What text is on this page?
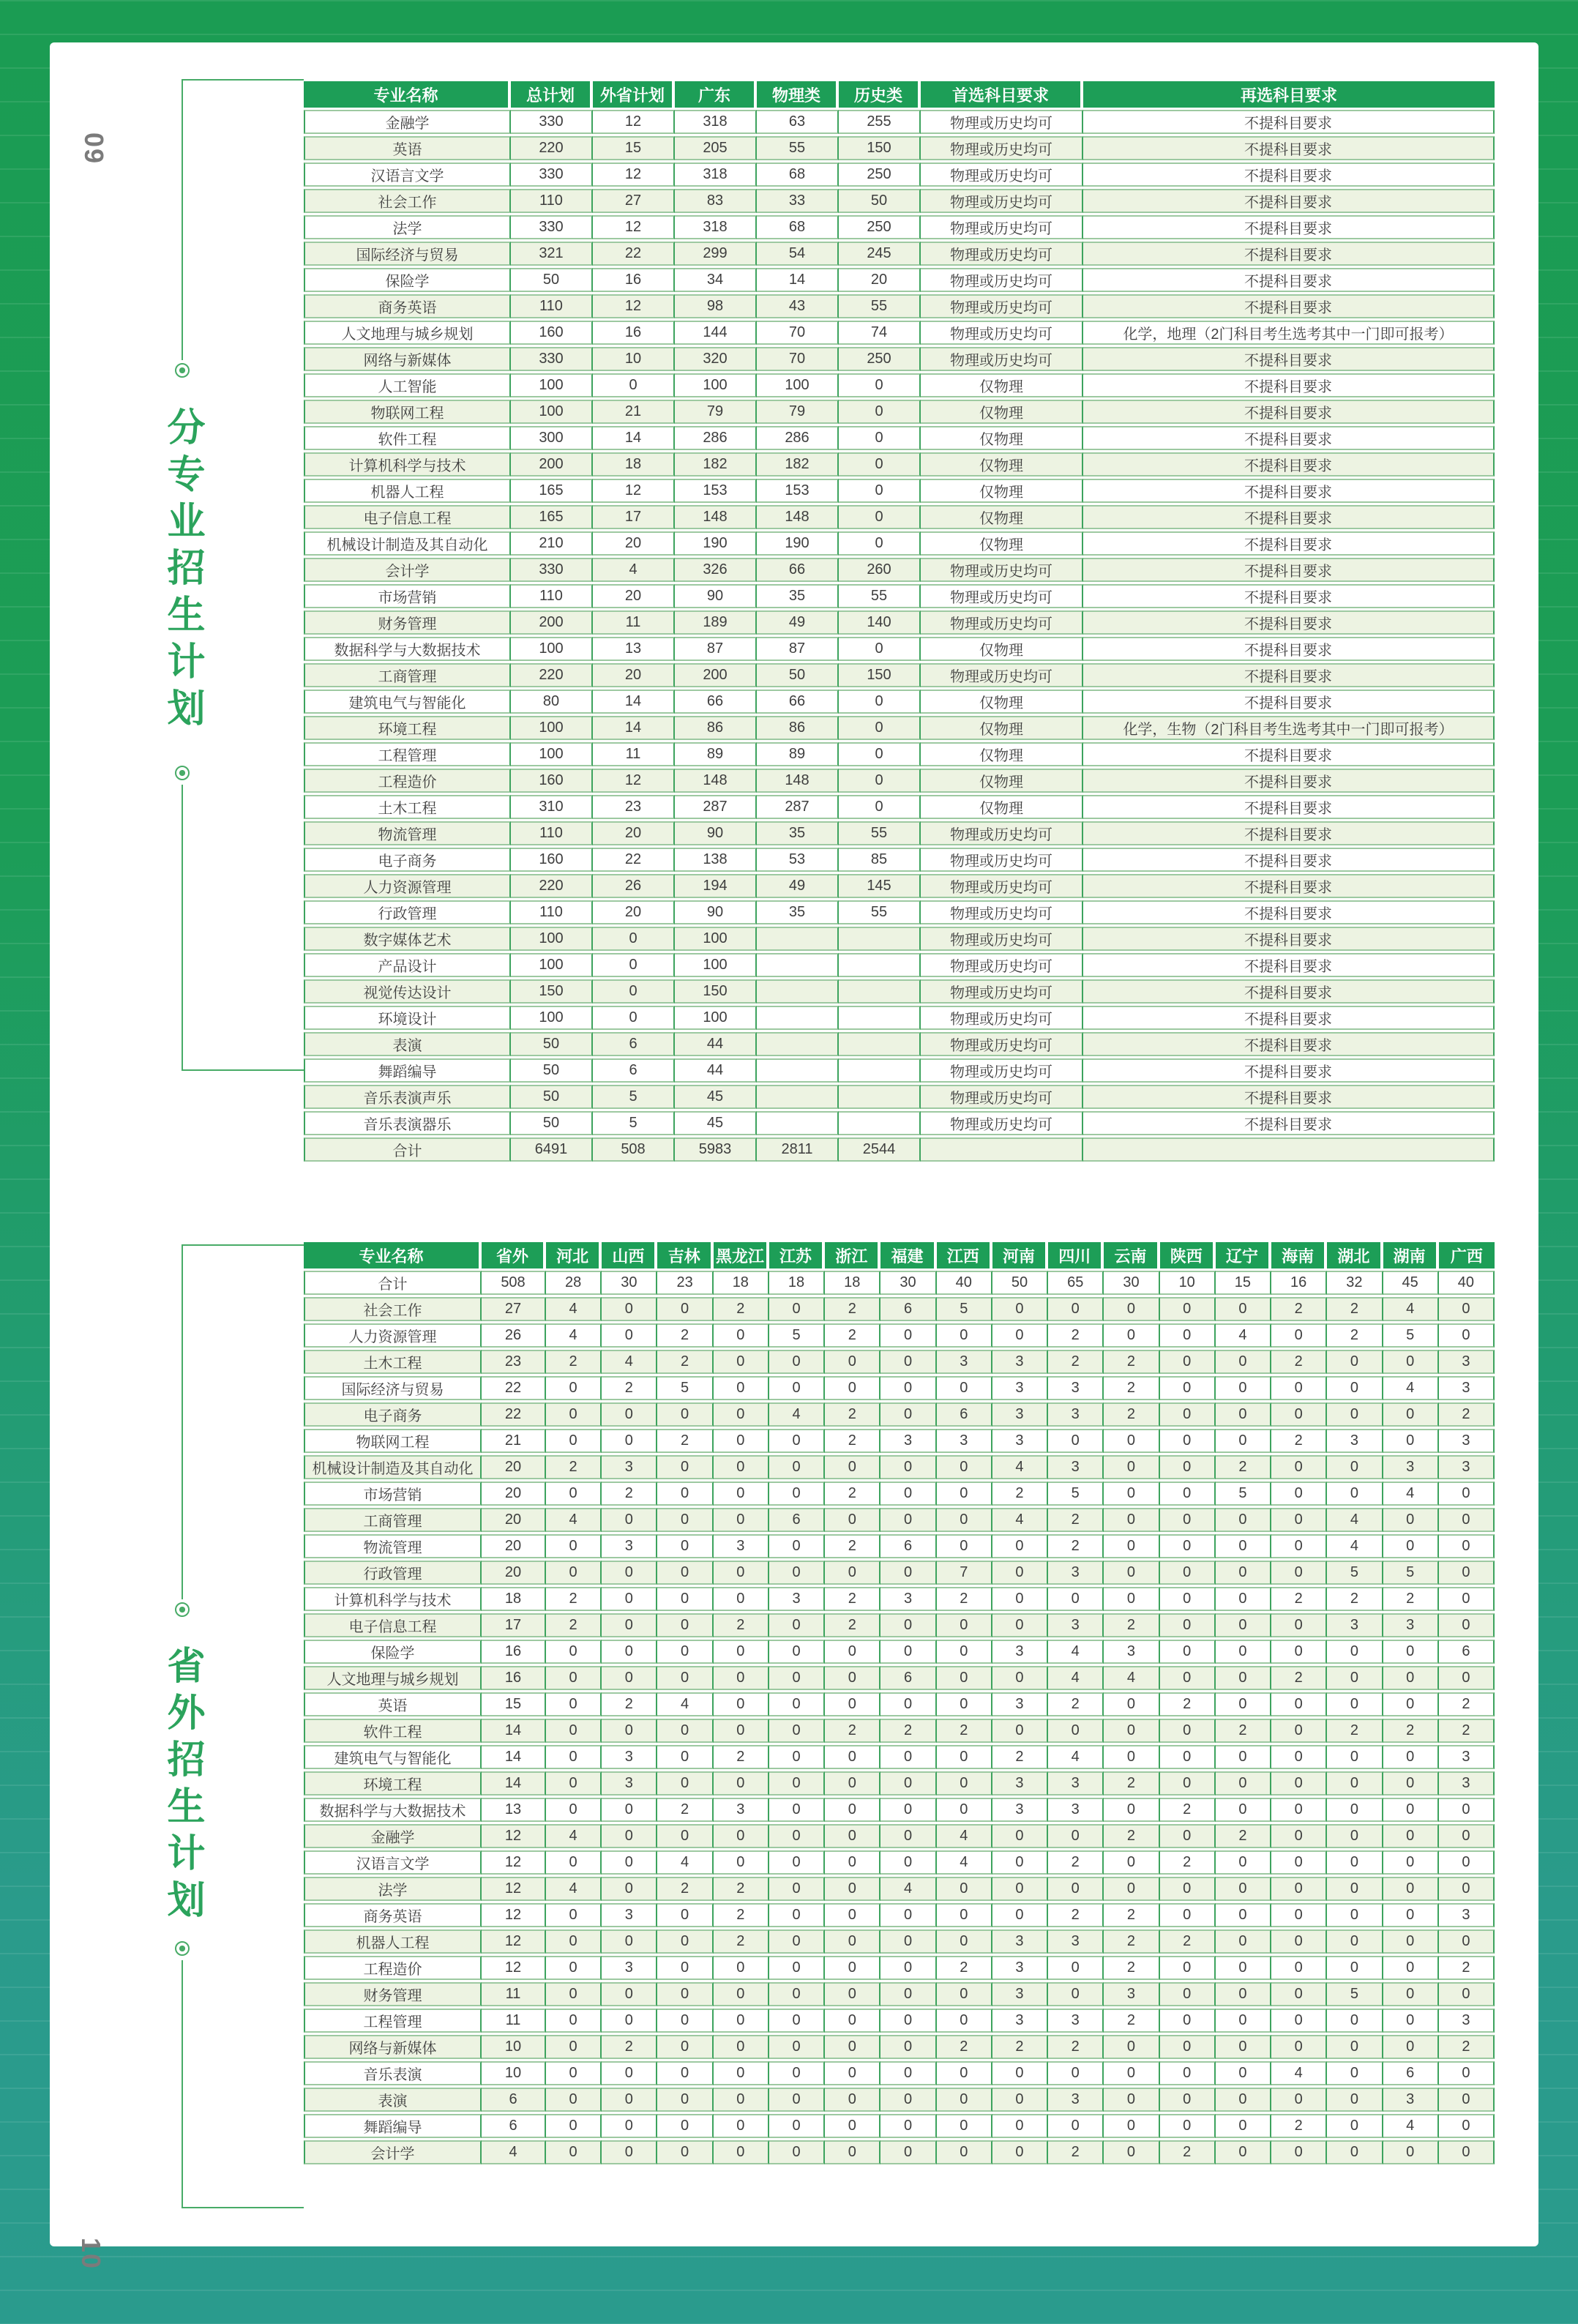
09
10
分专业招生计划
省外招生计划
专业名称	总计划	外省计划	广东	物理类	历史类	首选科目要求	再选科目要求
金融学	330	12	318	63	255	物理或历史均可	不提科目要求
英语	220	15	205	55	150	物理或历史均可	不提科目要求
汉语言文学	330	12	318	68	250	物理或历史均可	不提科目要求
社会工作	110	27	83	33	50	物理或历史均可	不提科目要求
法学	330	12	318	68	250	物理或历史均可	不提科目要求
国际经济与贸易	321	22	299	54	245	物理或历史均可	不提科目要求
保险学	50	16	34	14	20	物理或历史均可	不提科目要求
商务英语	110	12	98	43	55	物理或历史均可	不提科目要求
人文地理与城乡规划	160	16	144	70	74	物理或历史均可	化学，地理（2门科目考生选考其中一门即可报考）
网络与新媒体	330	10	320	70	250	物理或历史均可	不提科目要求
人工智能	100	0	100	100	0	仅物理	不提科目要求
物联网工程	100	21	79	79	0	仅物理	不提科目要求
软件工程	300	14	286	286	0	仅物理	不提科目要求
计算机科学与技术	200	18	182	182	0	仅物理	不提科目要求
机器人工程	165	12	153	153	0	仅物理	不提科目要求
电子信息工程	165	17	148	148	0	仅物理	不提科目要求
机械设计制造及其自动化	210	20	190	190	0	仅物理	不提科目要求
会计学	330	4	326	66	260	物理或历史均可	不提科目要求
市场营销	110	20	90	35	55	物理或历史均可	不提科目要求
财务管理	200	11	189	49	140	物理或历史均可	不提科目要求
数据科学与大数据技术	100	13	87	87	0	仅物理	不提科目要求
工商管理	220	20	200	50	150	物理或历史均可	不提科目要求
建筑电气与智能化	80	14	66	66	0	仅物理	不提科目要求
环境工程	100	14	86	86	0	仅物理	化学，生物（2门科目考生选考其中一门即可报考）
工程管理	100	11	89	89	0	仅物理	不提科目要求
工程造价	160	12	148	148	0	仅物理	不提科目要求
土木工程	310	23	287	287	0	仅物理	不提科目要求
物流管理	110	20	90	35	55	物理或历史均可	不提科目要求
电子商务	160	22	138	53	85	物理或历史均可	不提科目要求
人力资源管理	220	26	194	49	145	物理或历史均可	不提科目要求
行政管理	110	20	90	35	55	物理或历史均可	不提科目要求
数字媒体艺术	100	0	100			物理或历史均可	不提科目要求
产品设计	100	0	100			物理或历史均可	不提科目要求
视觉传达设计	150	0	150			物理或历史均可	不提科目要求
环境设计	100	0	100			物理或历史均可	不提科目要求
表演	50	6	44			物理或历史均可	不提科目要求
舞蹈编导	50	6	44			物理或历史均可	不提科目要求
音乐表演声乐	50	5	45			物理或历史均可	不提科目要求
音乐表演器乐	50	5	45			物理或历史均可	不提科目要求
合计	6491	508	5983	2811	2544		
专业名称	省外	河北	山西	吉林	黑龙江	江苏	浙江	福建	江西	河南	四川	云南	陕西	辽宁	海南	湖北	湖南	广西
合计	508	28	30	23	18	18	18	30	40	50	65	30	10	15	16	32	45	40
社会工作	27	4	0	0	2	0	2	6	5	0	0	0	0	0	2	2	4	0
人力资源管理	26	4	0	2	0	5	2	0	0	0	2	0	0	4	0	2	5	0
土木工程	23	2	4	2	0	0	0	0	3	3	2	2	0	0	2	0	0	3
国际经济与贸易	22	0	2	5	0	0	0	0	0	3	3	2	0	0	0	0	4	3
电子商务	22	0	0	0	0	4	2	0	6	3	3	2	0	0	0	0	0	2
物联网工程	21	0	0	2	0	0	2	3	3	3	0	0	0	0	2	3	0	3
机械设计制造及其自动化	20	2	3	0	0	0	0	0	0	4	3	0	0	2	0	0	3	3
市场营销	20	0	2	0	0	0	2	0	0	2	5	0	0	5	0	0	4	0
工商管理	20	4	0	0	0	6	0	0	0	4	2	0	0	0	0	4	0	0
物流管理	20	0	3	0	3	0	2	6	0	0	2	0	0	0	0	4	0	0
行政管理	20	0	0	0	0	0	0	0	7	0	3	0	0	0	0	5	5	0
计算机科学与技术	18	2	0	0	0	3	2	3	2	0	0	0	0	0	2	2	2	0
电子信息工程	17	2	0	0	2	0	2	0	0	0	3	2	0	0	0	3	3	0
保险学	16	0	0	0	0	0	0	0	0	3	4	3	0	0	0	0	0	6
人文地理与城乡规划	16	0	0	0	0	0	0	6	0	0	4	4	0	0	2	0	0	0
英语	15	0	2	4	0	0	0	0	0	3	2	0	2	0	0	0	0	2
软件工程	14	0	0	0	0	0	2	2	2	0	0	0	0	2	0	2	2	2
建筑电气与智能化	14	0	3	0	2	0	0	0	0	2	4	0	0	0	0	0	0	3
环境工程	14	0	3	0	0	0	0	0	0	3	3	2	0	0	0	0	0	3
数据科学与大数据技术	13	0	0	2	3	0	0	0	0	3	3	0	2	0	0	0	0	0
金融学	12	4	0	0	0	0	0	0	4	0	0	2	0	2	0	0	0	0
汉语言文学	12	0	0	4	0	0	0	0	4	0	2	0	2	0	0	0	0	0
法学	12	4	0	2	2	0	0	4	0	0	0	0	0	0	0	0	0	0
商务英语	12	0	3	0	2	0	0	0	0	0	2	2	0	0	0	0	0	3
机器人工程	12	0	0	0	2	0	0	0	0	3	3	2	2	0	0	0	0	0
工程造价	12	0	3	0	0	0	0	0	2	3	0	2	0	0	0	0	0	2
财务管理	11	0	0	0	0	0	0	0	0	3	0	3	0	0	0	5	0	0
工程管理	11	0	0	0	0	0	0	0	0	3	3	2	0	0	0	0	0	3
网络与新媒体	10	0	2	0	0	0	0	0	2	2	2	0	0	0	0	0	0	2
音乐表演	10	0	0	0	0	0	0	0	0	0	0	0	0	0	4	0	6	0
表演	6	0	0	0	0	0	0	0	0	0	3	0	0	0	0	0	3	0
舞蹈编导	6	0	0	0	0	0	0	0	0	0	0	0	0	0	2	0	4	0
会计学	4	0	0	0	0	0	0	0	0	0	2	0	2	0	0	0	0	0
